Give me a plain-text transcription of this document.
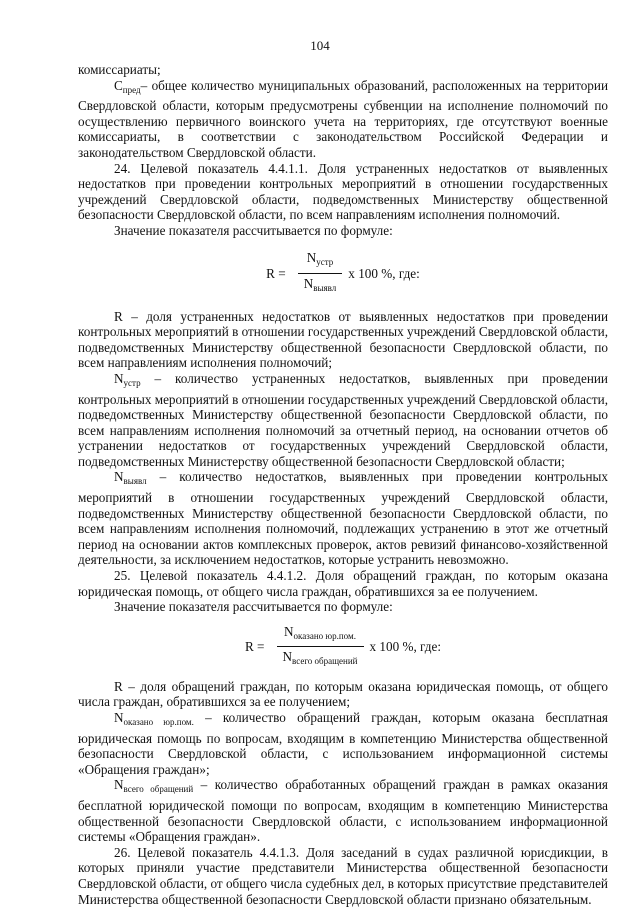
104

комиссариаты;

$С_{пред}-$ общее количество муниципальных образований, расположенных на территории Свердловской области, которым предусмотрены субвенции на исполнение полномочий по осуществлению первичного воинского учета на территориях, где отсутствуют военные комиссариаты, в соответствии с законодательством Российской Федерации и законодательством Свердловской области.

24. Целевой показатель 4.4.1.1. Доля устраненных недостатков от выявленных недостатков при проведении контрольных мероприятий в отношении государственных учреждений Свердловской области, подведомственных Министерству общественной безопасности Свердловской области, по всем направлениям исполнения полномочий.

Значение показателя рассчитывается по формуле:

$R = \frac{N_{устр}}{N_{выявл}}$ х 100 %, где:

R – доля устраненных недостатков от выявленных недостатков при проведении контрольных мероприятий в отношении государственных учреждений Свердловской области, подведомственных Министерству общественной безопасности Свердловской области, по всем направлениям исполнения полномочий;

$N_{устр}$ – количество устраненных недостатков, выявленных при проведении контрольных мероприятий в отношении государственных учреждений Свердловской области, подведомственных Министерству общественной безопасности Свердловской области, по всем направлениям исполнения полномочий за отчетный период, на основании отчетов об устранении недостатков от государственных учреждений Свердловской области, подведомственных Министерству общественной безопасности Свердловской области;

$N_{выявл}$ – количество недостатков, выявленных при проведении контрольных мероприятий в отношении государственных учреждений Свердловской области, подведомственных Министерству общественной безопасности Свердловской области, по всем направлениям исполнения полномочий, подлежащих устранению в этот же отчетный период на основании актов комплексных проверок, актов ревизий финансово-хозяйственной деятельности, за исключением недостатков, которые устранить невозможно.

25. Целевой показатель 4.4.1.2. Доля обращений граждан, по которым оказана юридическая помощь, от общего числа граждан, обратившихся за ее получением.

Значение показателя рассчитывается по формуле:

$R = \frac{N_{оказано юр.пом.}}{N_{всего обращений}}$ х 100 %, где:

R – доля обращений граждан, по которым оказана юридическая помощь, от общего числа граждан, обратившихся за ее получением;

$N_{оказано юр.пом.}$ – количество обращений граждан, которым оказана бесплатная юридическая помощь по вопросам, входящим в компетенцию Министерства общественной безопасности Свердловской области, с использованием информационной системы «Обращения граждан»;

$N_{всего обращений}$ – количество обработанных обращений граждан в рамках оказания бесплатной юридической помощи по вопросам, входящим в компетенцию Министерства общественной безопасности Свердловской области, с использованием информационной системы «Обращения граждан».

26. Целевой показатель 4.4.1.3. Доля заседаний в судах различной юрисдикции, в которых приняли участие представители Министерства общественной безопасности Свердловской области, от общего числа судебных дел, в которых присутствие представителей Министерства общественной безопасности Свердловской области признано обязательным.
